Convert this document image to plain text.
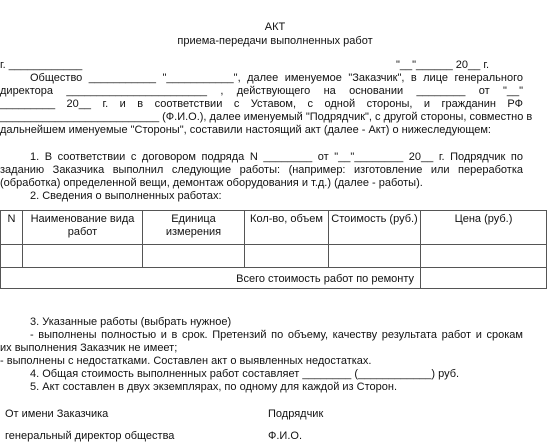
АКТ
приема-передачи выполненных работ
г. ____________	"__"______ 20__ г.
Общество ___________ "___________", далее именуемое "Заказчик", в лице генерального
директора _______________________ , действующего на основании ________ от "__"
_________ 20__ г. и в соответствии с Уставом, с одной стороны, и гражданин РФ
__________________________ (Ф.И.О.), далее именуемый "Подрядчик", с другой стороны, совместно в
дальнейшем именуемые "Стороны", составили настоящий акт (далее - Акт) о нижеследующем:
1. В соответствии с договором подряда N ________ от "__"________ 20__ г. Подрядчик по
заданию Заказчика выполнил следующие работы: (например: изготовление или переработка
(обработка) определенной вещи, демонтаж оборудования и т.д.) (далее - работы).
2. Сведения о выполненных работах:
N	Наименование вида работ	Единица измерения	Кол-во, объем	Стоимость (руб.)	Цена (руб.)

Всего стоимость работ по ремонту					
3. Указанные работы (выбрать нужное)
- выполнены полностью и в срок. Претензий по объему, качеству результата работ и срокам
их выполнения Заказчик не имеет;
- выполнены с недостатками. Составлен акт о выявленных недостатках.
4. Общая стоимость выполненных работ составляет ________ (____________) руб.
5. Акт составлен в двух экземплярах, по одному для каждой из Сторон.
От имени Заказчика	Подрядчик
генеральный директор общества	Ф.И.О.
